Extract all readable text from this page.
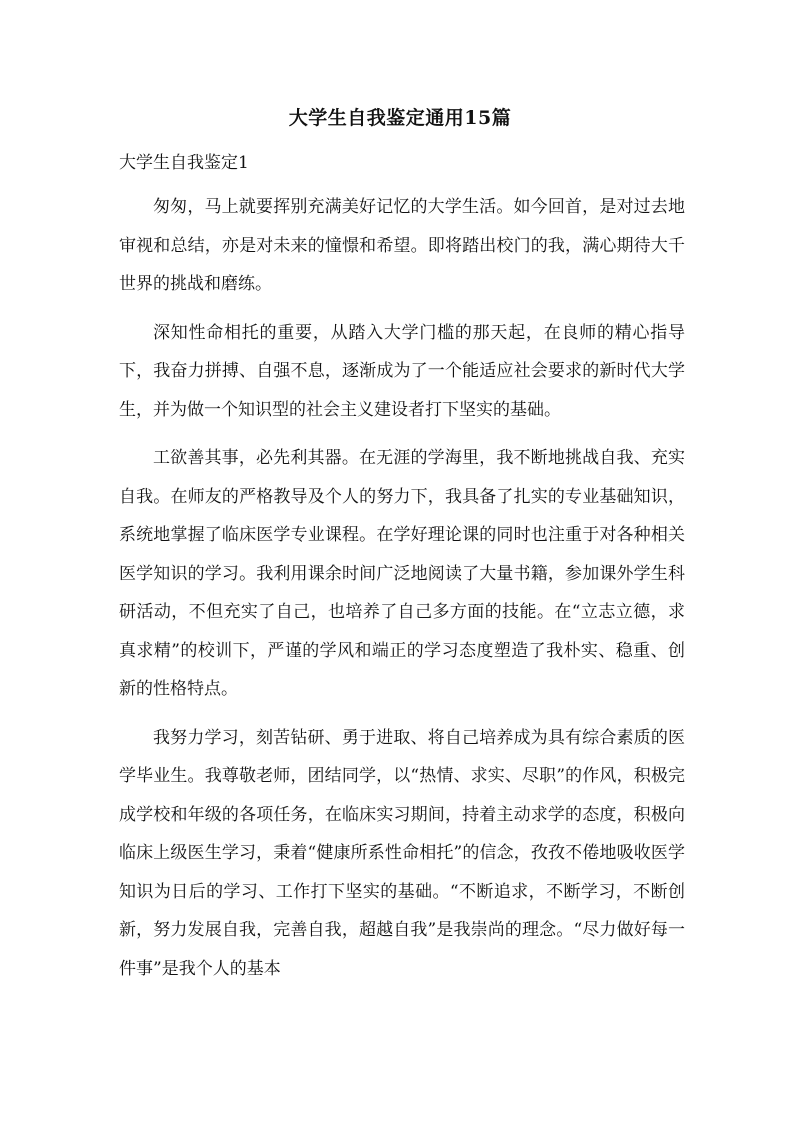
大学生自我鉴定通用15篇
大学生自我鉴定1

匆匆，马上就要挥别充满美好记忆的大学生活。如今回首，是对过去地审视和总结，亦是对未来的憧憬和希望。即将踏出校门的我，满心期待大千世界的挑战和磨练。

深知性命相托的重要，从踏入大学门槛的那天起，在良师的精心指导下，我奋力拼搏、自强不息，逐渐成为了一个能适应社会要求的新时代大学生，并为做一个知识型的社会主义建设者打下坚实的基础。

工欲善其事，必先利其器。在无涯的学海里，我不断地挑战自我、充实自我。在师友的严格教导及个人的努力下，我具备了扎实的专业基础知识，系统地掌握了临床医学专业课程。在学好理论课的同时也注重于对各种相关医学知识的学习。我利用课余时间广泛地阅读了大量书籍，参加课外学生科研活动，不但充实了自己，也培养了自己多方面的技能。在“立志立德，求真求精”的校训下，严谨的学风和端正的学习态度塑造了我朴实、稳重、创新的性格特点。

我努力学习，刻苦钻研、勇于进取、将自己培养成为具有综合素质的医学毕业生。我尊敬老师，团结同学，以“热情、求实、尽职”的作风，积极完成学校和年级的各项任务，在临床实习期间，持着主动求学的态度，积极向临床上级医生学习，秉着“健康所系性命相托”的信念，孜孜不倦地吸收医学知识为日后的学习、工作打下坚实的基础。“不断追求，不断学习，不断创新，努力发展自我，完善自我，超越自我”是我崇尚的理念。“尽力做好每一件事”是我个人的基本
